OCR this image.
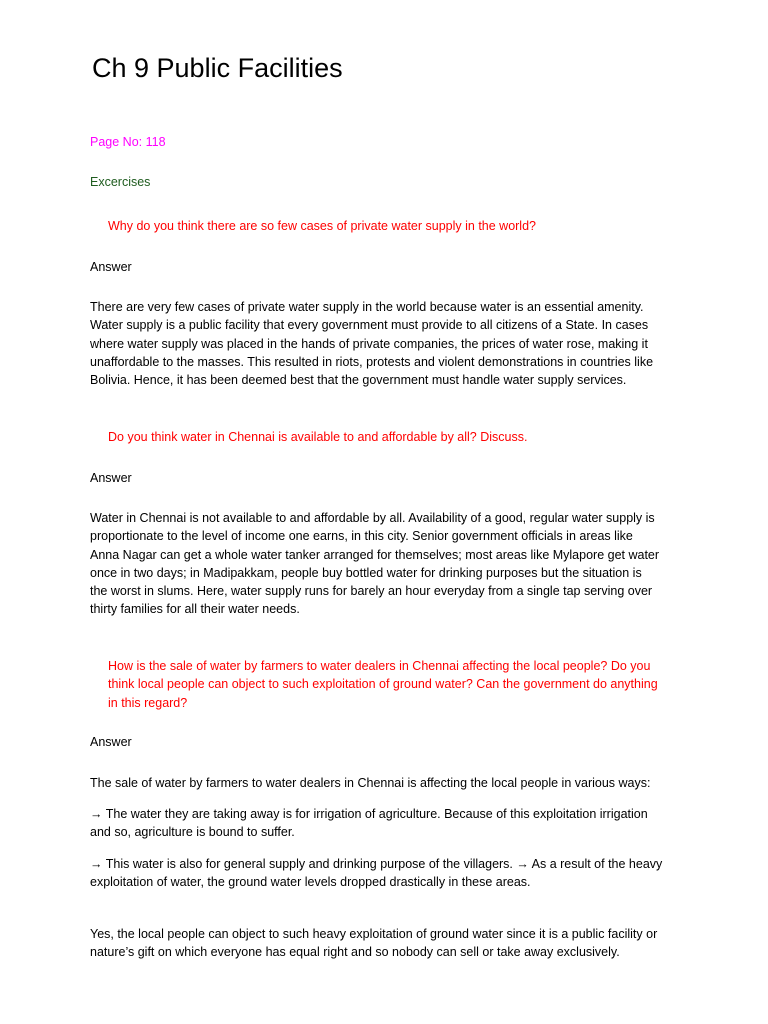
Ch 9 Public Facilities
Page No: 118
Excercises
Why do you think there are so few cases of private water supply in the world?
Answer
There are very few cases of private water supply in the world because water is an essential amenity.
Water supply is a public facility that every government must provide to all citizens of a State. In cases
where water supply was placed in the hands of private companies, the prices of water rose, making it
unaffordable to the masses. This resulted in riots, protests and violent demonstrations in countries like
Bolivia. Hence, it has been deemed best that the government must handle water supply services.
Do you think water in Chennai is available to and affordable by all? Discuss.
Answer
Water in Chennai is not available to and affordable by all. Availability of a good, regular water supply is
proportionate to the level of income one earns, in this city. Senior government officials in areas like
Anna Nagar can get a whole water tanker arranged for themselves; most areas like Mylapore get water
once in two days; in Madipakkam, people buy bottled water for drinking purposes but the situation is
the worst in slums. Here, water supply runs for barely an hour everyday from a single tap serving over
thirty families for all their water needs.
How is the sale of water by farmers to water dealers in Chennai affecting the local people? Do you
think local people can object to such exploitation of ground water? Can the government do anything
in this regard?
Answer
The sale of water by farmers to water dealers in Chennai is affecting the local people in various ways:
→ The water they are taking away is for irrigation of agriculture. Because of this exploitation irrigation
and so, agriculture is bound to suffer.
→ This water is also for general supply and drinking purpose of the villagers. → As a result of the heavy
exploitation of water, the ground water levels dropped drastically in these areas.
Yes, the local people can object to such heavy exploitation of ground water since it is a public facility or
nature’s gift on which everyone has equal right and so nobody can sell or take away exclusively.
